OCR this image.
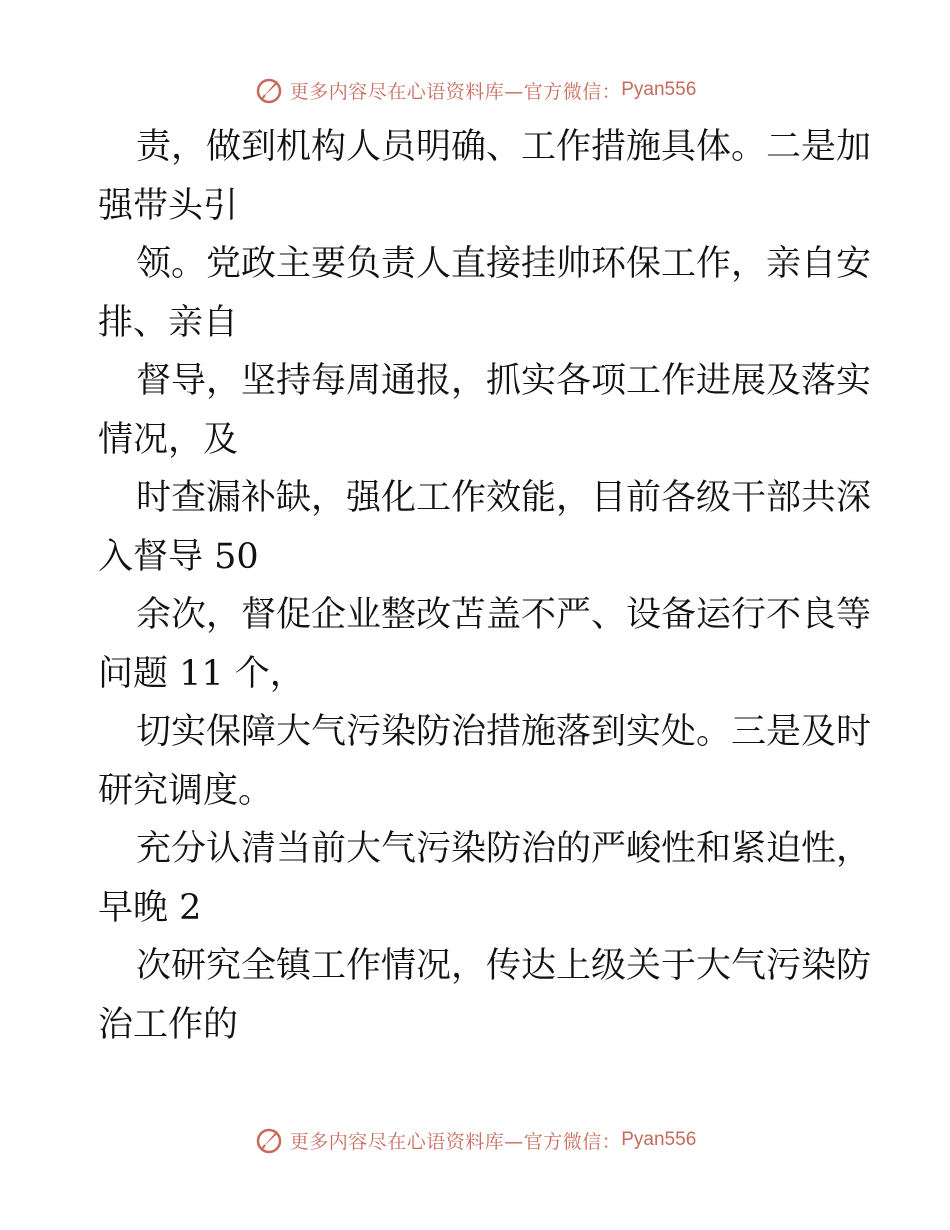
更多内容尽在心语资料库—官方微信： Pyan556
责，做到机构人员明确、工作措施具体。二是加
强带头引
领。党政主要负责人直接挂帅环保工作，亲自安
排、亲自
督导，坚持每周通报，抓实各项工作进展及落实
情况，及
时查漏补缺，强化工作效能，目前各级干部共深
入督导 50
余次，督促企业整改苫盖不严、设备运行不良等
问题 11 个，
切实保障大气污染防治措施落到实处。三是及时
研究调度。
充分认清当前大气污染防治的严峻性和紧迫性，
早晚 2
次研究全镇工作情况，传达上级关于大气污染防
治工作的
更多内容尽在心语资料库—官方微信： Pyan556
